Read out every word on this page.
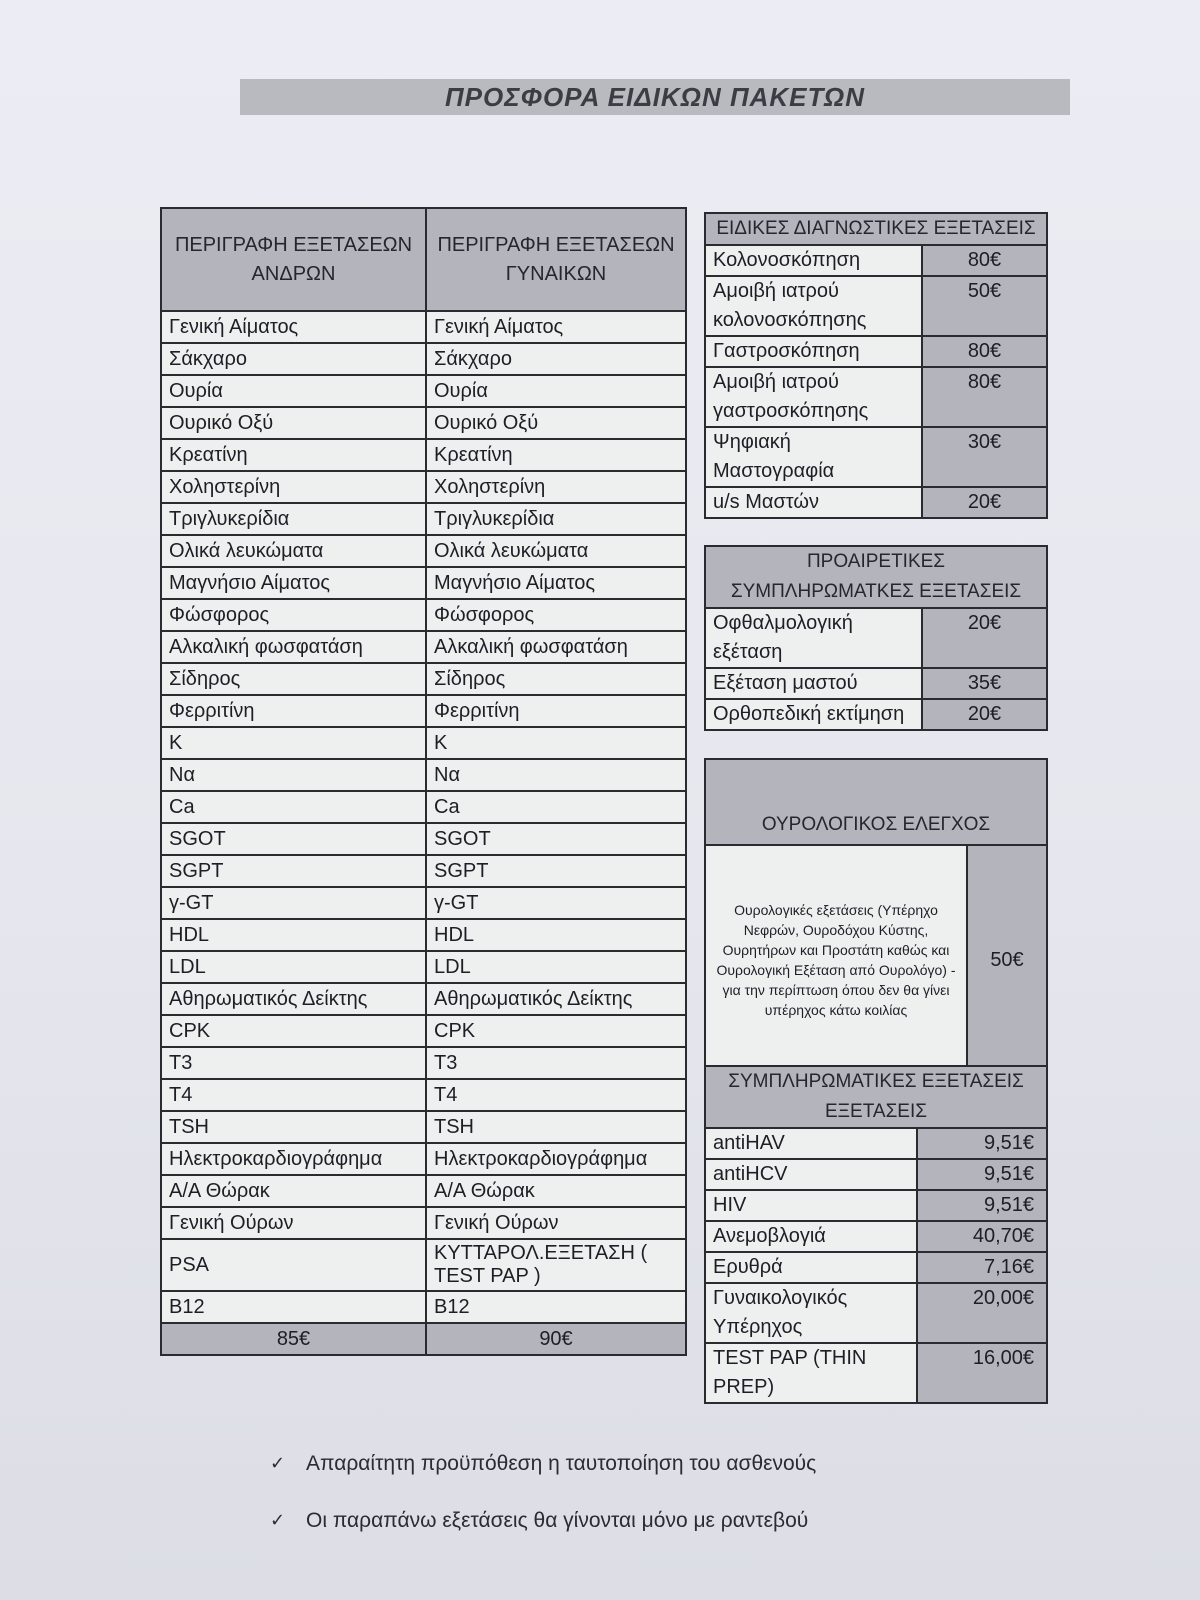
ΠΡΟΣΦΟΡΑ ΕΙΔΙΚΩΝ ΠΑΚΕΤΩΝ
ΠΕΡΙΓΡΑΦΗ ΕΞΕΤΑΣΕΩΝ ΑΝΔΡΩΝ	ΠΕΡΙΓΡΑΦΗ ΕΞΕΤΑΣΕΩΝ ΓΥΝΑΙΚΩΝ
Γενική Αίματος	Γενική Αίματος
Σάκχαρο	Σάκχαρο
Ουρία	Ουρία
Ουρικό Οξύ	Ουρικό Οξύ
Κρεατίνη	Κρεατίνη
Χοληστερίνη	Χοληστερίνη
Τριγλυκερίδια	Τριγλυκερίδια
Ολικά λευκώματα	Ολικά λευκώματα
Μαγνήσιο Αίματος	Μαγνήσιο Αίματος
Φώσφορος	Φώσφορος
Αλκαλική φωσφατάση	Αλκαλική φωσφατάση
Σίδηρος	Σίδηρος
Φερριτίνη	Φερριτίνη
K	K
Να	Να
Ca	Ca
SGOT	SGOT
SGPT	SGPT
γ-GT	γ-GT
HDL	HDL
LDL	LDL
Αθηρωματικός Δείκτης	Αθηρωματικός Δείκτης
CPK	CPK
T3	T3
T4	T4
TSH	TSH
Ηλεκτροκαρδιογράφημα	Ηλεκτροκαρδιογράφημα
Α/Α Θώρακ	Α/Α Θώρακ
Γενική Ούρων	Γενική Ούρων
PSA	ΚΥΤΤΑΡΟΛ.ΕΞΕΤΑΣΗ ( TEST PAP )
B12	B12
85€	90€
ΕΙΔΙΚΕΣ ΔΙΑΓΝΩΣΤΙΚΕΣ ΕΞΕΤΑΣΕΙΣ	
Κολονοσκόπηση	80€
Αμοιβή ιατρού κολονοσκόπησης	50€
Γαστροσκόπηση	80€
Αμοιβή ιατρού γαστροσκόπησης	80€
Ψηφιακή Μαστογραφία	30€
u/s Μαστών	20€
ΠΡΟΑΙΡΕΤΙΚΕΣ ΣΥΜΠΛΗΡΩΜΑΤΚΕΣ ΕΞΕΤΑΣΕΙΣ	
Οφθαλμολογική εξέταση	20€
Εξέταση μαστού	35€
Ορθοπεδική εκτίμηση	20€
ΟΥΡΟΛΟΓΙΚΟΣ ΕΛΕΓΧΟΣ
Ουρολογικές εξετάσεις (Υπέρηχο Νεφρών, Ουροδόχου Κύστης, Ουρητήρων και Προστάτη καθώς και Ουρολογική Εξέταση από Ουρολόγο) - για την περίπτωση όπου δεν θα γίνει υπέρηχος κάτω κοιλίας	50€
ΣΥΜΠΛΗΡΩΜΑΤΙΚΕΣ ΕΞΕΤΑΣΕΙΣ ΕΞΕΤΑΣΕΙΣ	
antiHAV	9,51€
antiHCV	9,51€
HIV	9,51€
Ανεμοβλογιά	40,70€
Ερυθρά	7,16€
Γυναικολογικός Υπέρηχος	20,00€
TEST PAP (THIN PREP)	16,00€
✓ Απαραίτητη προϋπόθεση η ταυτοποίηση του ασθενούς
✓ Οι παραπάνω εξετάσεις θα γίνονται μόνο με ραντεβού
